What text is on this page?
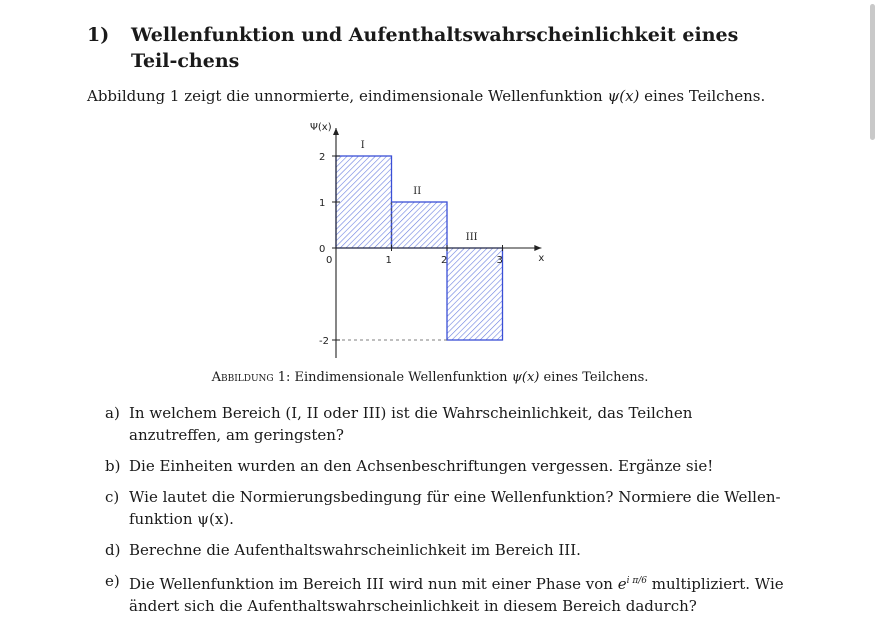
1) Wellenfunktion und Aufenthaltswahrscheinlichkeit eines Teil-chens
Abbildung 1 zeigt die unnormierte, eindimensionale Wellenfunktion ψ(x) eines Teilchens.
Ψ(x)
x
0	1	2	3
2
1
0
-2
I
II
III
Abbildung 1: Eindimensionale Wellenfunktion ψ(x) eines Teilchens.
a) In welchem Bereich (I, II oder III) ist die Wahrscheinlichkeit, das Teilchen anzutreffen, am geringsten?
b) Die Einheiten wurden an den Achsenbeschriftungen vergessen. Ergänze sie!
c) Wie lautet die Normierungsbedingung für eine Wellenfunktion? Normiere die Wellen-funktion ψ(x).
d) Berechne die Aufenthaltswahrscheinlichkeit im Bereich III.
e) Die Wellenfunktion im Bereich III wird nun mit einer Phase von $e^{i \pi/6}$ multipliziert. Wie ändert sich die Aufenthaltswahrscheinlichkeit in diesem Bereich dadurch?
